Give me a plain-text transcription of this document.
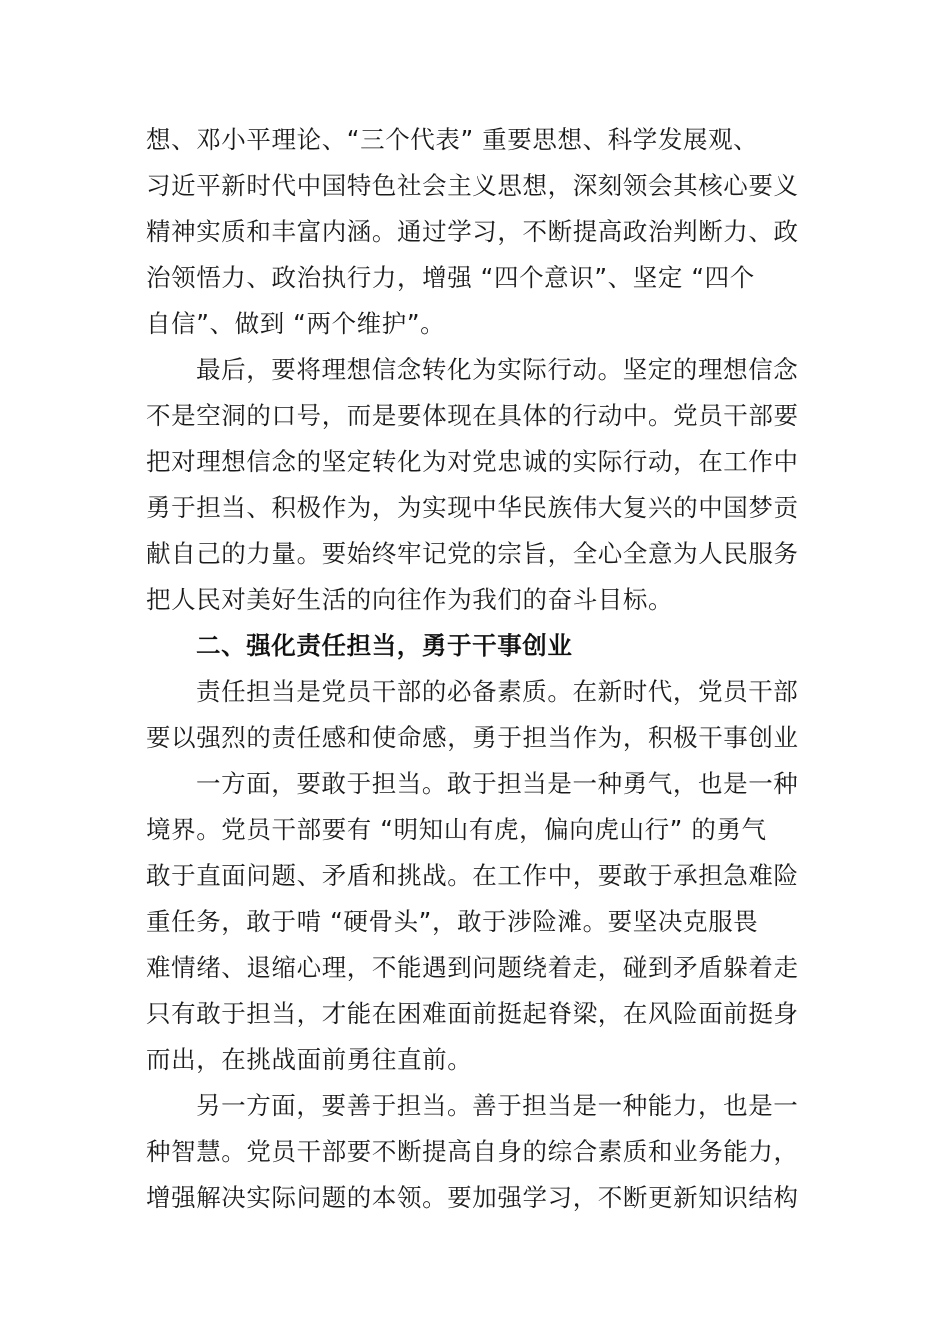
想、邓小平理论、“三个代表” 重要思想、科学发展观、
习近平新时代中国特色社会主义思想，深刻领会其核心要义
精神实质和丰富内涵。通过学习，不断提高政治判断力、政
治领悟力、政治执行力，增强 “四个意识”、坚定 “四个
自信”、做到 “两个维护”。
最后，要将理想信念转化为实际行动。坚定的理想信念
不是空洞的口号，而是要体现在具体的行动中。党员干部要
把对理想信念的坚定转化为对党忠诚的实际行动，在工作中
勇于担当、积极作为，为实现中华民族伟大复兴的中国梦贡
献自己的力量。要始终牢记党的宗旨，全心全意为人民服务
把人民对美好生活的向往作为我们的奋斗目标。
二、强化责任担当，勇于干事创业
责任担当是党员干部的必备素质。在新时代，党员干部
要以强烈的责任感和使命感，勇于担当作为，积极干事创业
一方面，要敢于担当。敢于担当是一种勇气，也是一种
境界。党员干部要有 “明知山有虎，偏向虎山行” 的勇气
敢于直面问题、矛盾和挑战。在工作中，要敢于承担急难险
重任务，敢于啃 “硬骨头”，敢于涉险滩。要坚决克服畏
难情绪、退缩心理，不能遇到问题绕着走，碰到矛盾躲着走
只有敢于担当，才能在困难面前挺起脊梁，在风险面前挺身
而出，在挑战面前勇往直前。
另一方面，要善于担当。善于担当是一种能力，也是一
种智慧。党员干部要不断提高自身的综合素质和业务能力，
增强解决实际问题的本领。要加强学习，不断更新知识结构
